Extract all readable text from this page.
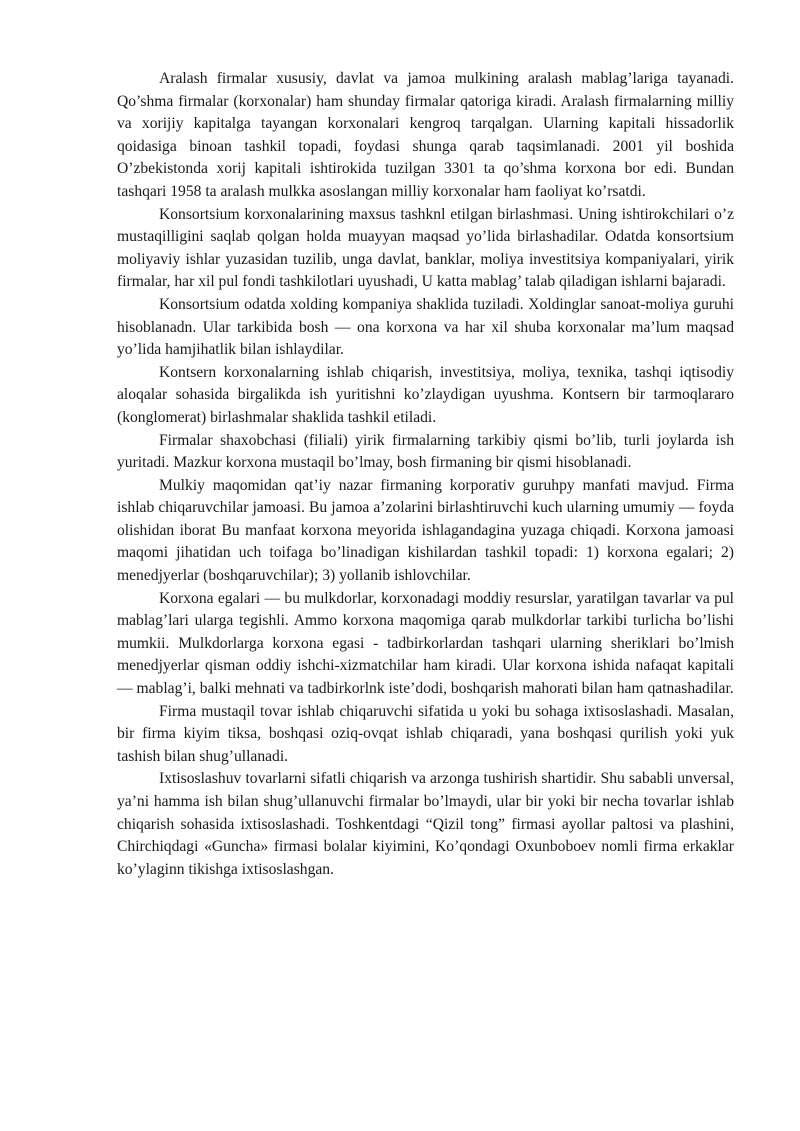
Aralash firmalar xususiy, davlat va jamoa mulkining aralash mablag’lariga tayanadi. Qo’shma firmalar (korxonalar) ham shunday firmalar qatoriga kiradi. Aralash firmalarning milliy va xorijiy kapitalga tayangan korxonalari kengroq tarqalgan. Ularning kapitali hissadorlik qoidasiga binoan tashkil topadi, foydasi shunga qarab taqsimlanadi. 2001 yil boshida O’zbekistonda xorij kapitali ishtirokida tuzilgan 3301 ta qo’shma korxona bor edi. Bundan tashqari 1958 ta aralash mulkka asoslangan milliy korxonalar ham faoliyat ko’rsatdi.

Konsortsium korxonalarining maxsus tashknl etilgan birlashmasi. Uning ishtirokchilari o’z mustaqilligini saqlab qolgan holda muayyan maqsad yo’lida birlashadilar. Odatda konsortsium moliyaviy ishlar yuzasidan tuzilib, unga davlat, banklar, moliya investitsiya kompaniyalari, yirik firmalar, har xil pul fondi tashkilotlari uyushadi, U katta mablag’ talab qiladigan ishlarni bajaradi.

Konsortsium odatda xolding kompaniya shaklida tuziladi. Xoldinglar sanoat-moliya guruhi hisoblanadn. Ular tarkibida bosh — ona korxona va har xil shuba korxonalar ma’lum maqsad yo’lida hamjihatlik bilan ishlaydilar.

Kontsern korxonalarning ishlab chiqarish, investitsiya, moliya, texnika, tashqi iqtisodiy aloqalar sohasida birgalikda ish yuritishni ko’zlaydigan uyushma. Kontsern bir tarmoqlararo (konglomerat) birlashmalar shaklida tashkil etiladi.

Firmalar shaxobchasi (filiali) yirik firmalarning tarkibiy qismi bo’lib, turli joylarda ish yuritadi. Mazkur korxona mustaqil bo’lmay, bosh firmaning bir qismi hisoblanadi.

Mulkiy maqomidan qat’iy nazar firmaning korporativ guruhpy manfati mavjud. Firma ishlab chiqaruvchilar jamoasi. Bu jamoa a’zolarini birlashtiruvchi kuch ularning umumiy — foyda olishidan iborat Bu manfaat korxona meyorida ishlagandagina yuzaga chiqadi. Korxona jamoasi maqomi jihatidan uch toifaga bo’linadigan kishilardan tashkil topadi: 1) korxona egalari; 2) menedjyerlar (boshqaruvchilar); 3) yollanib ishlovchilar.

Korxona egalari — bu mulkdorlar, korxonadagi moddiy resurslar, yaratilgan tavarlar va pul mablag’lari ularga tegishli. Ammo korxona maqomiga qarab mulkdorlar tarkibi turlicha bo’lishi mumkii. Mulkdorlarga korxona egasi - tadbirkorlardan tashqari ularning sheriklari bo’lmish menedjyerlar qisman oddiy ishchi-xizmatchilar ham kiradi. Ular korxona ishida nafaqat kapitali — mablag’i, balki mehnati va tadbirkorlnk iste’dodi, boshqarish mahorati bilan ham qatnashadilar.

Firma mustaqil tovar ishlab chiqaruvchi sifatida u yoki bu sohaga ixtisoslashadi. Masalan, bir firma kiyim tiksa, boshqasi oziq-ovqat ishlab chiqaradi, yana boshqasi qurilish yoki yuk tashish bilan shug’ullanadi.

Ixtisoslashuv tovarlarni sifatli chiqarish va arzonga tushirish shartidir. Shu sababli unversal, ya’ni hamma ish bilan shug’ullanuvchi firmalar bo’lmaydi, ular bir yoki bir necha tovarlar ishlab chiqarish sohasida ixtisoslashadi. Toshkentdagi “Qizil tong” firmasi ayollar paltosi va plashini, Chirchiqdagi «Guncha» firmasi bolalar kiyimini, Ko’qondagi Oxunboboev nomli firma erkaklar ko’ylaginn tikishga ixtisoslashgan.
